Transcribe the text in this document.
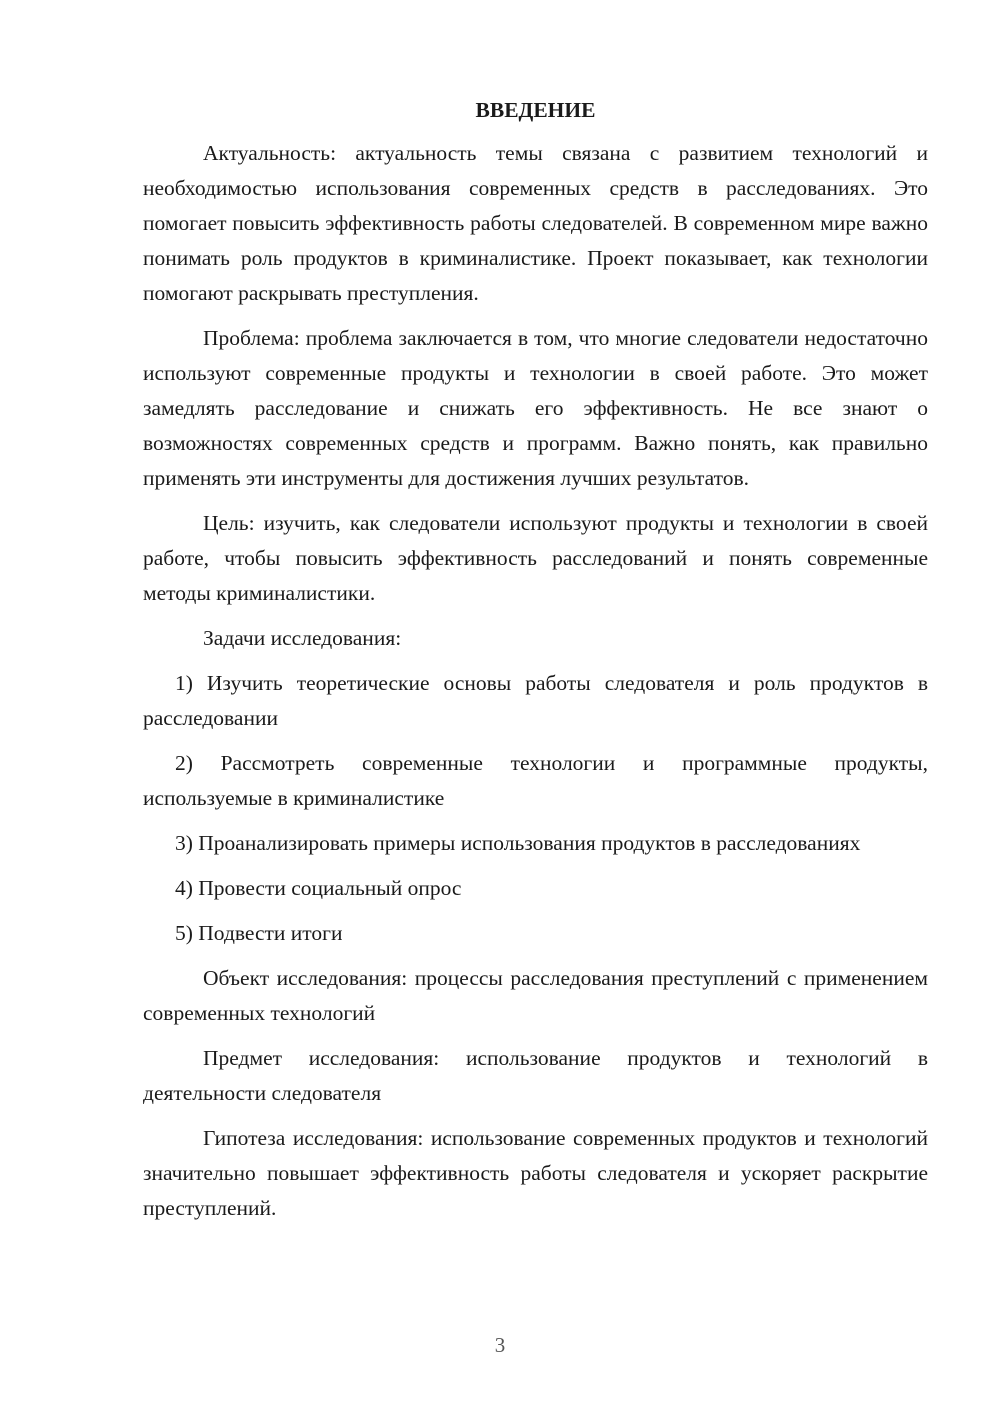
ВВЕДЕНИЕ

Актуальность: актуальность темы связана с развитием технологий и необходимостью использования современных средств в расследованиях. Это помогает повысить эффективность работы следователей. В современном мире важно понимать роль продуктов в криминалистике. Проект показывает, как технологии помогают раскрывать преступления.

Проблема: проблема заключается в том, что многие следователи недостаточно используют современные продукты и технологии в своей работе. Это может замедлять расследование и снижать его эффективность. Не все знают о возможностях современных средств и программ. Важно понять, как правильно применять эти инструменты для достижения лучших результатов.

Цель: изучить, как следователи используют продукты и технологии в своей работе, чтобы повысить эффективность расследований и понять современные методы криминалистики.

Задачи исследования:

1) Изучить теоретические основы работы следователя и роль продуктов в расследовании

2) Рассмотреть современные технологии и программные продукты, используемые в криминалистике

3) Проанализировать примеры использования продуктов в расследованиях

4) Провести социальный опрос

5) Подвести итоги

Объект исследования: процессы расследования преступлений с применением современных технологий

Предмет исследования: использование продуктов и технологий в деятельности следователя

Гипотеза исследования: использование современных продуктов и технологий значительно повышает эффективность работы следователя и ускоряет раскрытие преступлений.

3
